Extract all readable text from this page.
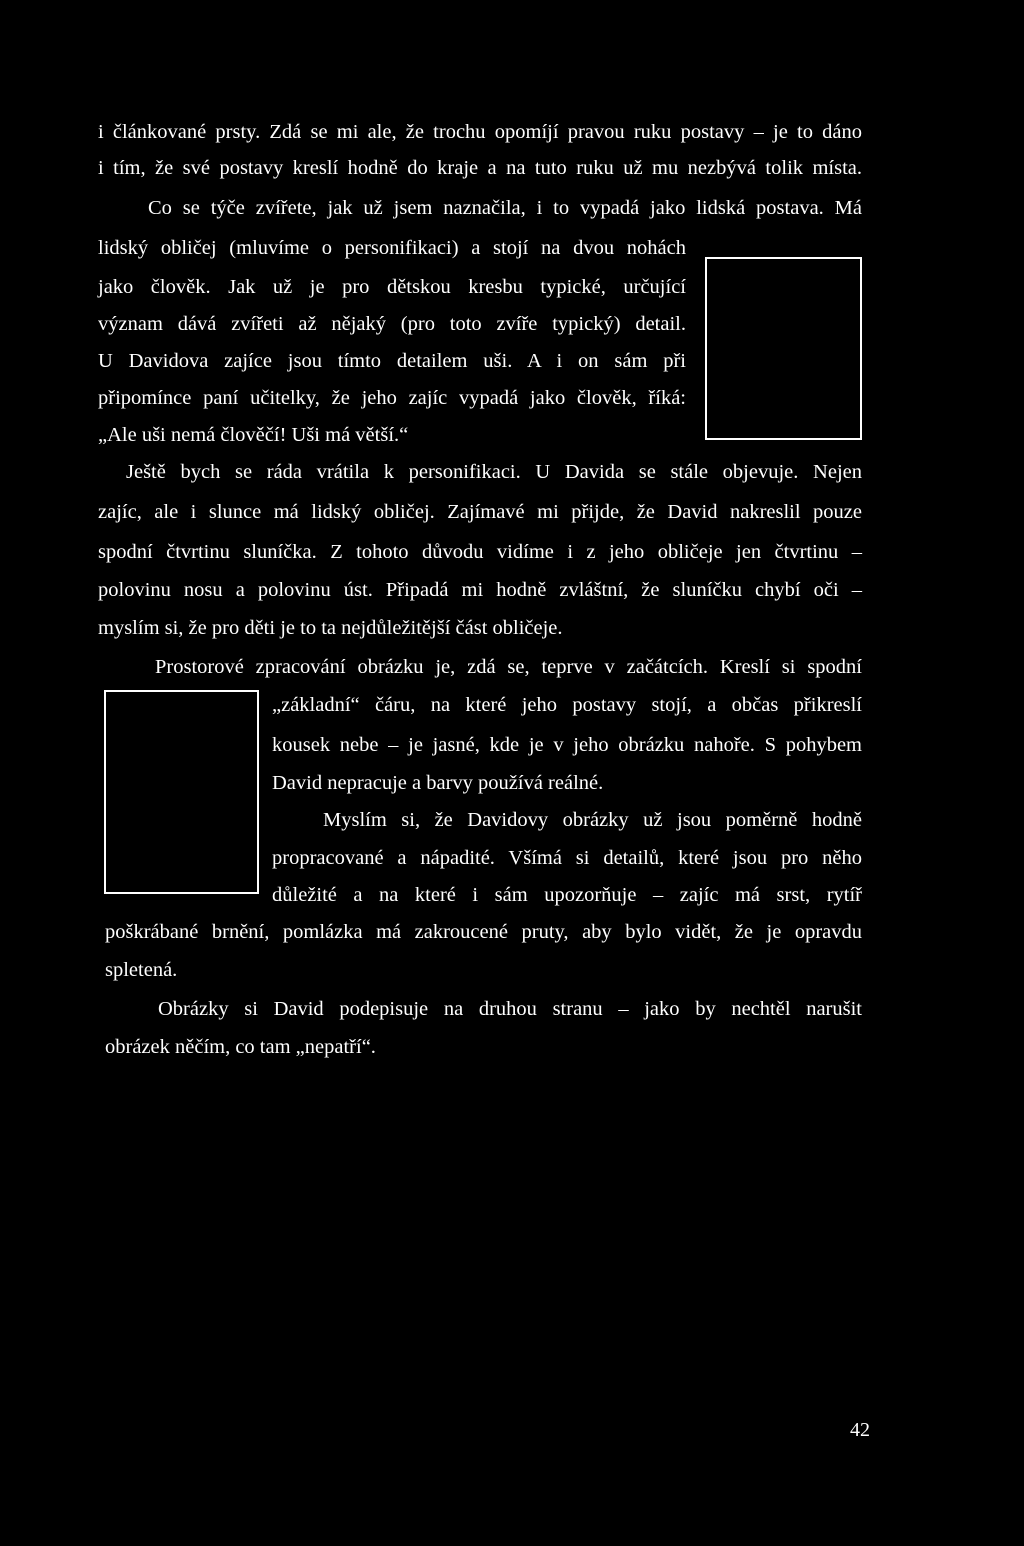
i článkované prsty. Zdá se mi ale, že trochu opomíjí pravou ruku postavy – je to dáno

i tím, že své postavy kreslí hodně do kraje a na tuto ruku už mu nezbývá tolik místa.

Co se týče zvířete, jak už jsem naznačila, i to vypadá jako lidská postava. Má

lidský obličej (mluvíme o personifikaci) a stojí na dvou nohách

jako člověk. Jak už je pro dětskou kresbu typické, určující

význam dává zvířeti až nějaký (pro toto zvíře typický) detail.

U Davidova zajíce jsou tímto detailem uši. A i on sám při

připomínce paní učitelky, že jeho zajíc vypadá jako člověk, říká:

„Ale uši nemá člověčí! Uši má větší.“

Ještě bych se ráda vrátila k personifikaci. U Davida se stále objevuje. Nejen

zajíc, ale i slunce má lidský obličej. Zajímavé mi přijde, že David nakreslil pouze

spodní čtvrtinu sluníčka. Z tohoto důvodu vidíme i z jeho obličeje jen čtvrtinu –

polovinu nosu a polovinu úst. Připadá mi hodně zvláštní, že sluníčku chybí oči –

myslím si, že pro děti je to ta nejdůležitější část obličeje.

Prostorové zpracování obrázku je, zdá se, teprve v začátcích. Kreslí si spodní

„základní“ čáru, na které jeho postavy stojí, a občas přikreslí

kousek nebe – je jasné, kde je v jeho obrázku nahoře. S pohybem

David nepracuje a barvy používá reálné.

Myslím si, že Davidovy obrázky už jsou poměrně hodně

propracované a nápadité. Všímá si detailů, které jsou pro něho

důležité a na které i sám upozorňuje – zajíc má srst, rytíř

poškrábané brnění, pomlázka má zakroucené pruty, aby bylo vidět, že je opravdu

spletená.

Obrázky si David podepisuje na druhou stranu – jako by nechtěl narušit

obrázek něčím, co tam „nepatří“.

42
